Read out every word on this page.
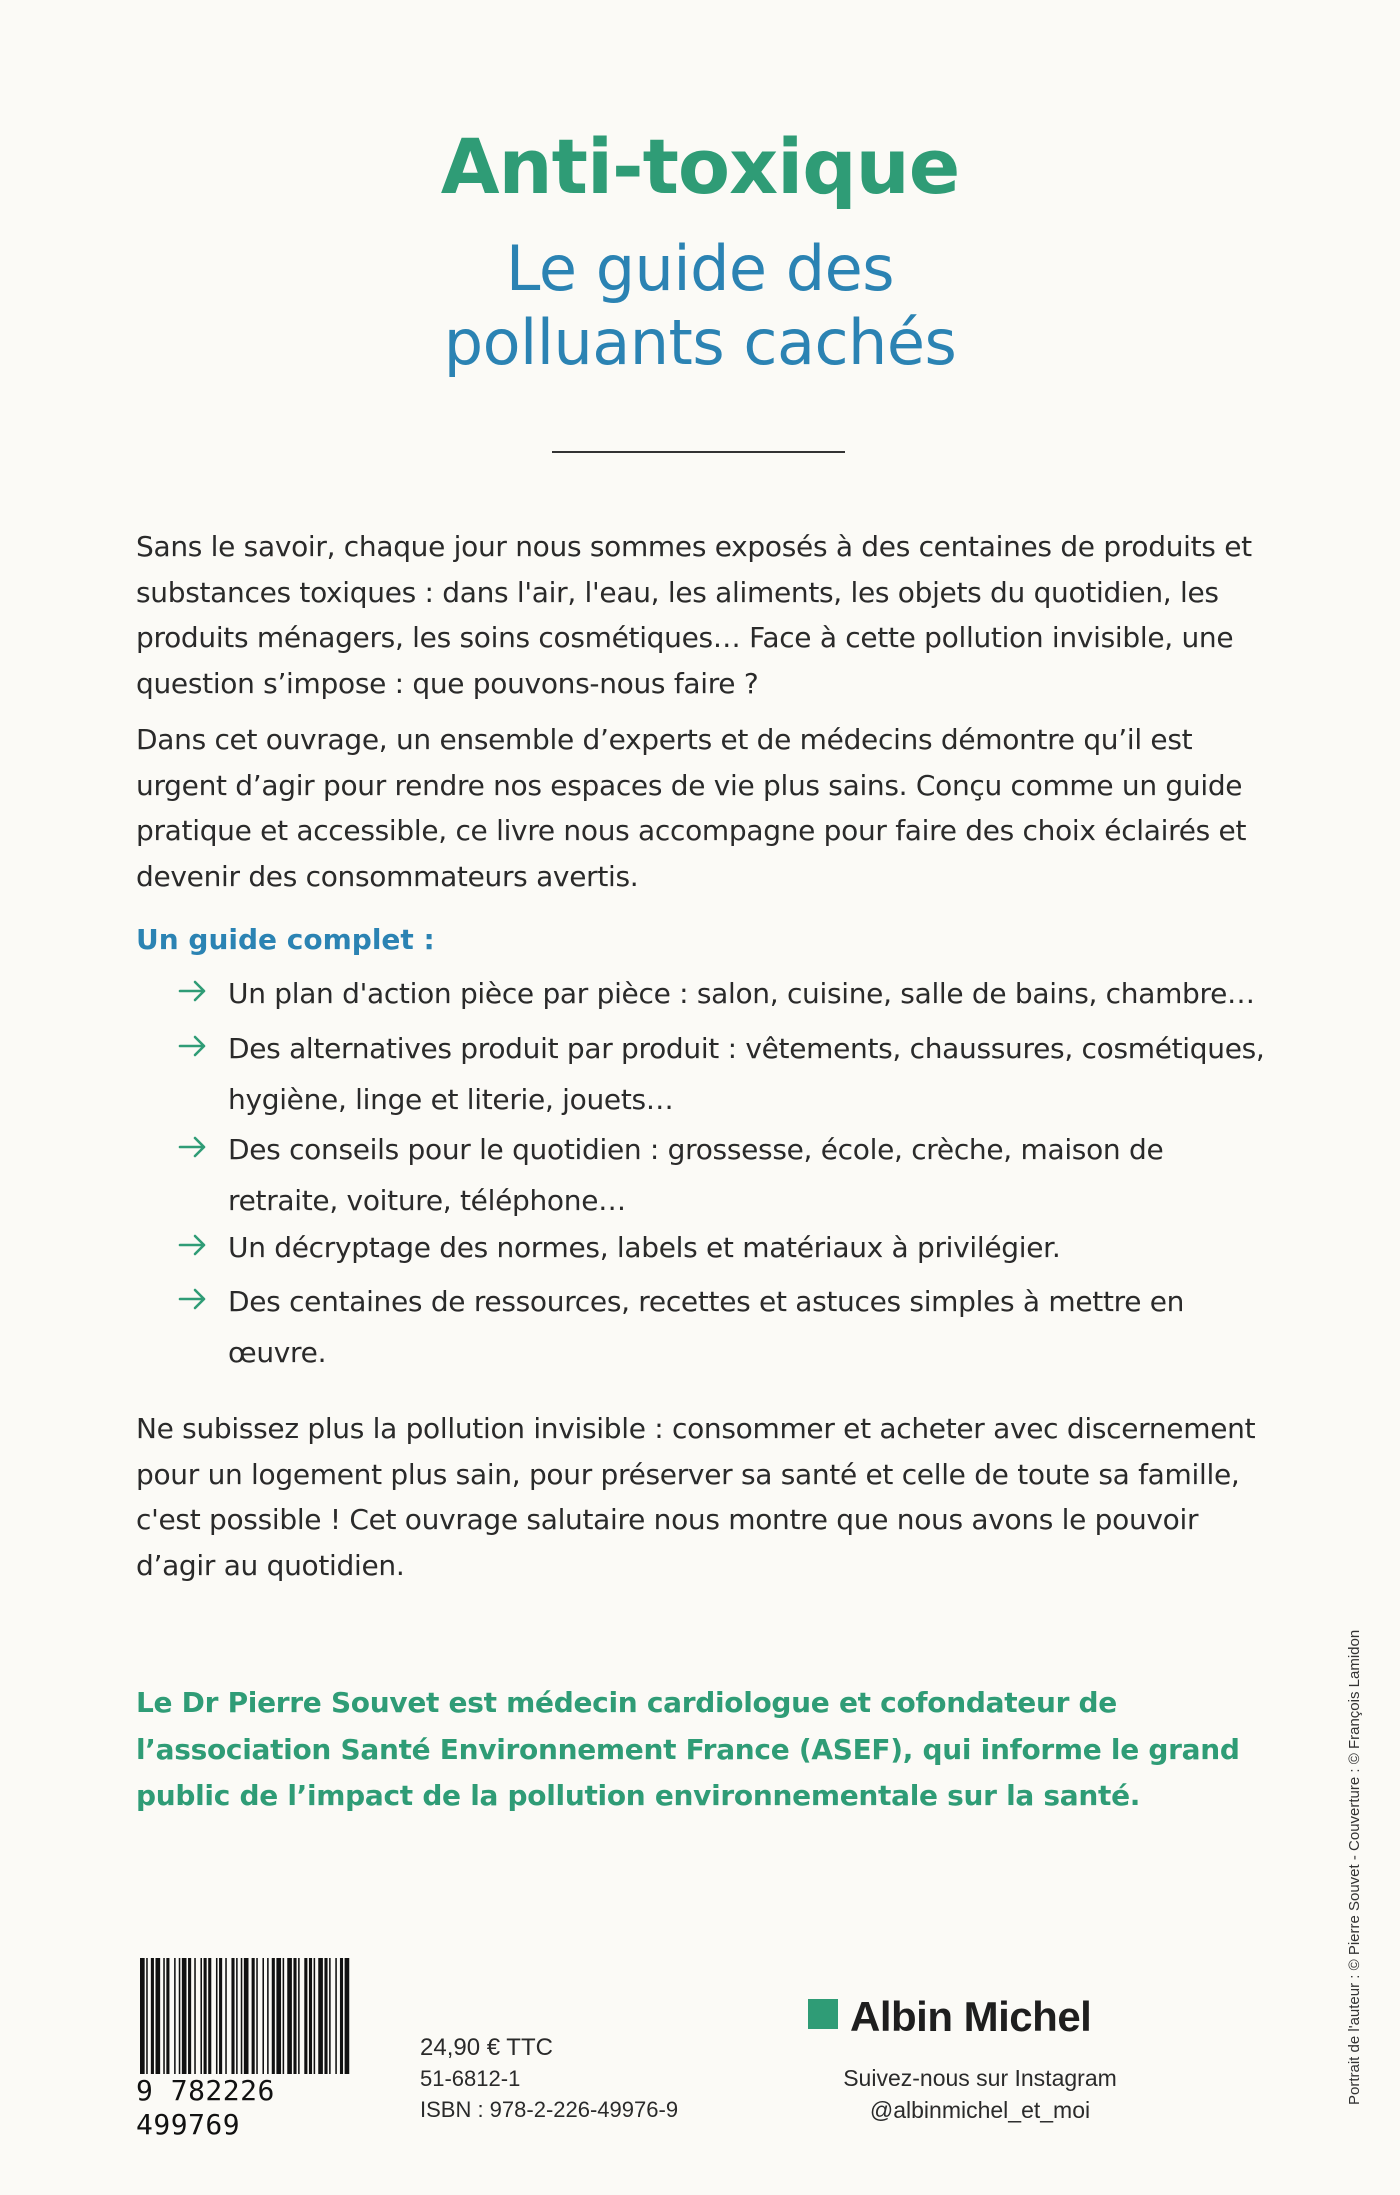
Anti-toxique
Le guide des
polluants cachés

Sans le savoir, chaque jour nous sommes exposés à des centaines de produits et substances toxiques : dans l'air, l'eau, les aliments, les objets du quotidien, les produits ménagers, les soins cosmétiques… Face à cette pollution invisible, une question s’impose : que pouvons-nous faire ?

Dans cet ouvrage, un ensemble d’experts et de médecins démontre qu’il est urgent d’agir pour rendre nos espaces de vie plus sains. Conçu comme un guide pratique et accessible, ce livre nous accompagne pour faire des choix éclairés et devenir des consommateurs avertis.

Un guide complet :
Un plan d'action pièce par pièce : salon, cuisine, salle de bains, chambre…
Des alternatives produit par produit : vêtements, chaussures, cosmétiques, hygiène, linge et literie, jouets…
Des conseils pour le quotidien : grossesse, école, crèche, maison de retraite, voiture, téléphone…
Un décryptage des normes, labels et matériaux à privilégier.
Des centaines de ressources, recettes et astuces simples à mettre en œuvre.

Ne subissez plus la pollution invisible : consommer et acheter avec discernement pour un logement plus sain, pour préserver sa santé et celle de toute sa famille, c'est possible ! Cet ouvrage salutaire nous montre que nous avons le pouvoir d’agir au quotidien.

Le Dr Pierre Souvet est médecin cardiologue et cofondateur de l’association Santé Environnement France (ASEF), qui informe le grand public de l’impact de la pollution environnementale sur la santé.

9 782226 499769
24,90 € TTC
51-6812-1
ISBN : 978-2-226-49976-9
Albin Michel
Suivez-nous sur Instagram
@albinmichel_et_moi
Portrait de l'auteur : © Pierre Souvet - Couverture : © François Lamidon
